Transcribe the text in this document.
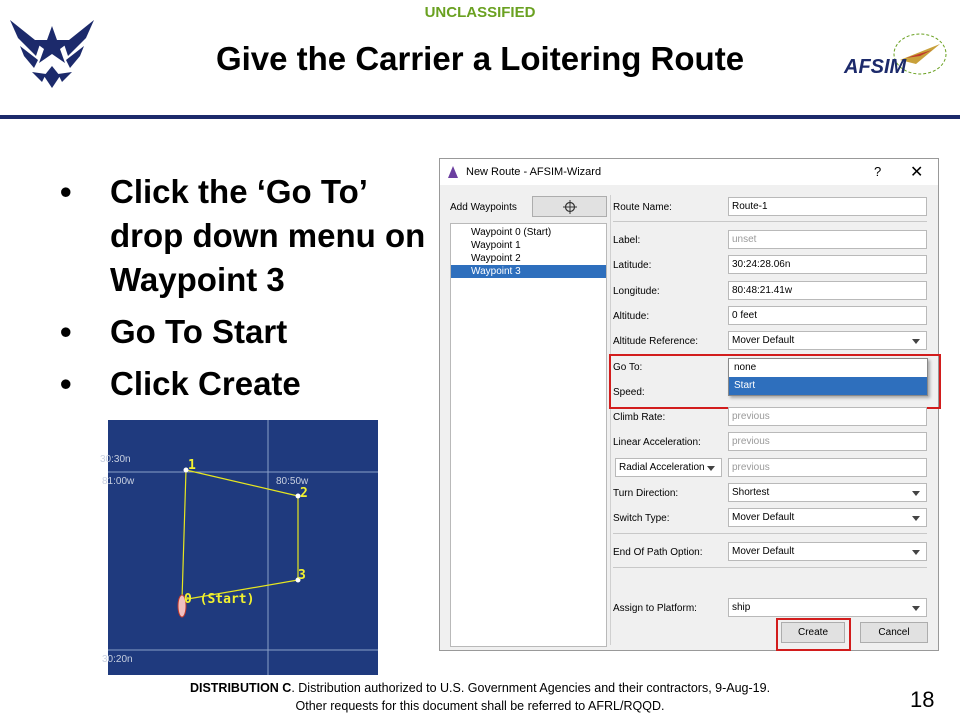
UNCLASSIFIED
Give the Carrier a Loitering Route	AFSIM
• Click the ‘Go To’ drop down menu on Waypoint 3
• Go To Start
• Click Create
30:30n
81:00w	80:50w
30:20n
1
2
3
0 (Start)
New Route - AFSIM-Wizard	? ✕
Add Waypoints
Waypoint 0 (Start)
Waypoint 1
Waypoint 2
Waypoint 3
Route Name:	Route-1
Label:	unset
Latitude:	30:24:28.06n
Longitude:	80:48:21.41w
Altitude:	0 feet
Altitude Reference:	Mover Default
Go To:	none
Start
Speed:
Climb Rate:	previous
Linear Acceleration:	previous
Radial Acceleration	previous
Turn Direction:	Shortest
Switch Type:	Mover Default
End Of Path Option:	Mover Default
Assign to Platform:	ship
Create	Cancel
DISTRIBUTION C. Distribution authorized to U.S. Government Agencies and their contractors, 9-Aug-19.
Other requests for this document shall be referred to AFRL/RQQD.	18
